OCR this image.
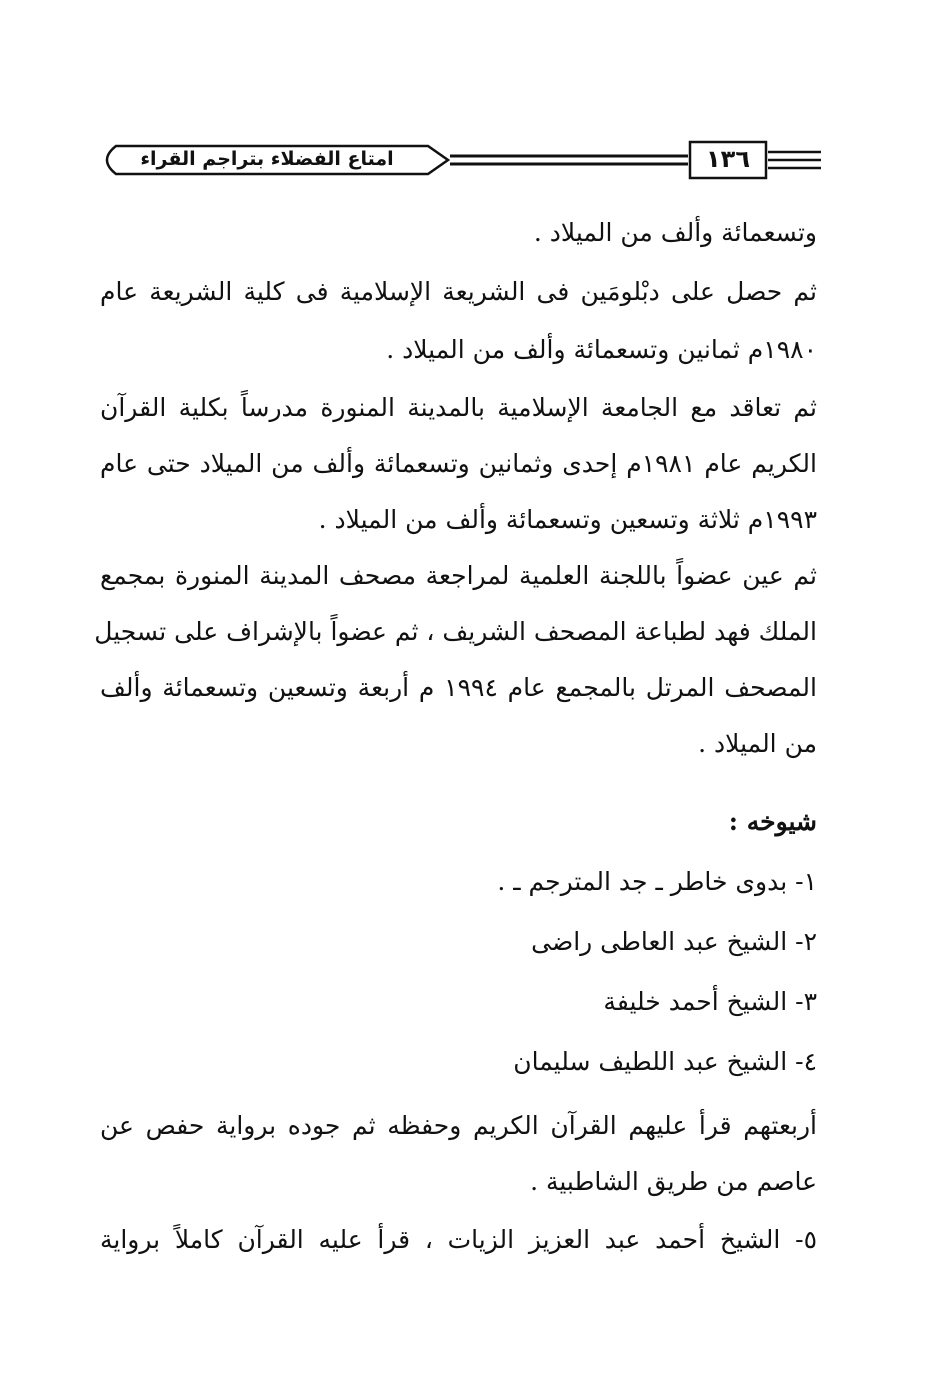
امتاع الفضلاء بتراجم القراء	١٣٦
وتسعمائة وألف من الميلاد .
ثم حصل على دبْلومَين فى الشريعة الإسلامية فى كلية الشريعة عام
١٩٨٠م ثمانين وتسعمائة وألف من الميلاد .
ثم تعاقد مع الجامعة الإسلامية بالمدينة المنورة مدرساً بكلية القرآن
الكريم عام ١٩٨١م إحدى وثمانين وتسعمائة وألف من الميلاد حتى عام
١٩٩٣م ثلاثة وتسعين وتسعمائة وألف من الميلاد .
ثم عين عضواً باللجنة العلمية لمراجعة مصحف المدينة المنورة بمجمع
الملك فهد لطباعة المصحف الشريف ، ثم عضواً بالإشراف على تسجيل
المصحف المرتل بالمجمع عام ١٩٩٤ م أربعة وتسعين وتسعمائة وألف
من الميلاد .
شيوخه :
١- بدوى خاطر ـ جد المترجم ـ .
٢- الشيخ عبد العاطى راضى
٣- الشيخ أحمد خليفة
٤- الشيخ عبد اللطيف سليمان
أربعتهم قرأ عليهم القرآن الكريم وحفظه ثم جوده برواية حفص عن
عاصم من طريق الشاطبية .
٥- الشيخ أحمد عبد العزيز الزيات ، قرأ عليه القرآن كاملاً برواية
